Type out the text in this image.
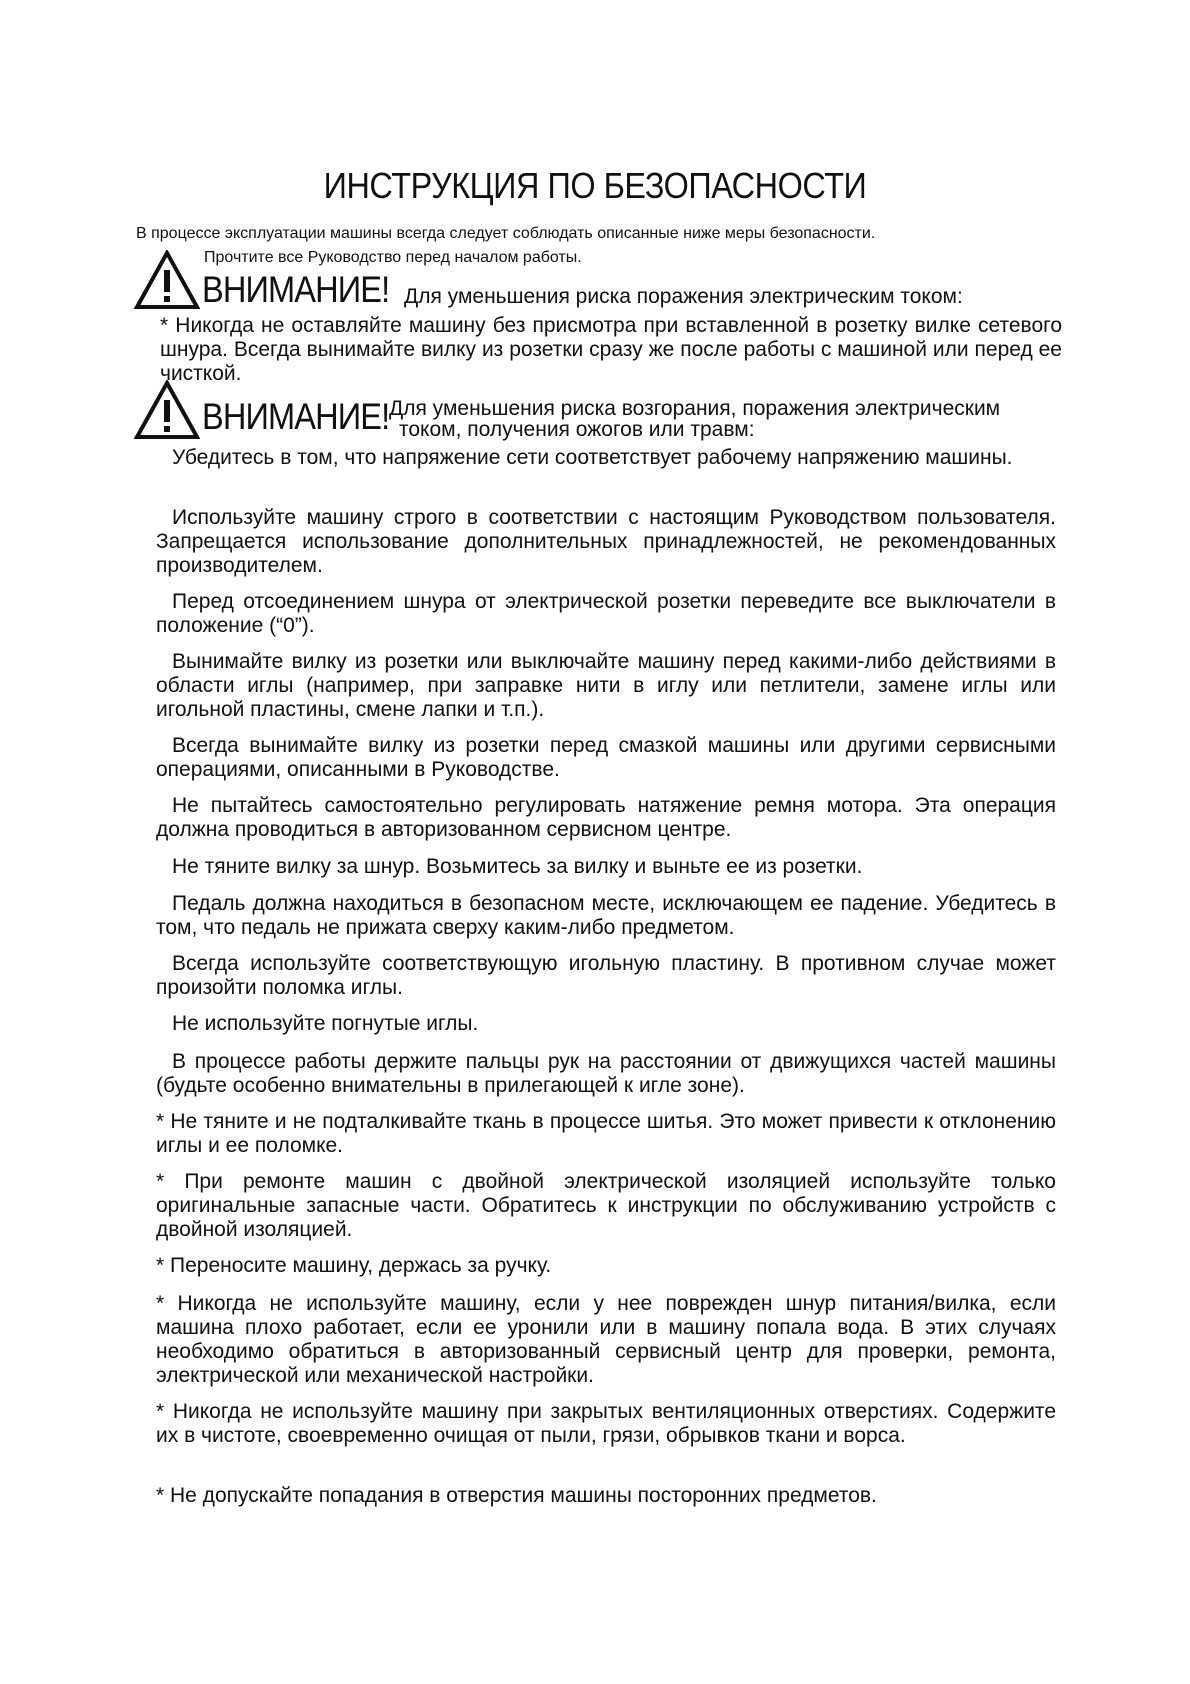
ИНСТРУКЦИЯ ПО БЕЗОПАСНОСТИ
В процессе эксплуатации машины всегда следует соблюдать описанные ниже меры безопасности.
Прочтите все Руководство перед началом работы.
ВНИМАНИЕ! Для уменьшения риска поражения электрическим током:

* Никогда не оставляйте машину без присмотра при вставленной в розетку вилке сетевого шнура. Всегда вынимайте вилку из розетки сразу же после работы с машиной или перед ее чисткой.

ВНИМАНИЕ! Для уменьшения риска возгорания, поражения электрическим
током, получения ожогов или травм:

Убедитесь в том, что напряжение сети соответствует рабочему напряжению машины.

Используйте машину строго в соответствии с настоящим Руководством пользователя. Запрещается использование дополнительных принадлежностей, не рекомендованных производителем.

Перед отсоединением шнура от электрической розетки переведите все выключатели в положение (“0”).

Вынимайте вилку из розетки или выключайте машину перед какими-либо действиями в области иглы (например, при заправке нити в иглу или петлители, замене иглы или игольной пластины, смене лапки и т.п.).

Всегда вынимайте вилку из розетки перед смазкой машины или другими сервисными операциями, описанными в Руководстве.

Не пытайтесь самостоятельно регулировать натяжение ремня мотора. Эта операция должна проводиться в авторизованном сервисном центре.

Не тяните вилку за шнур. Возьмитесь за вилку и выньте ее из розетки.

Педаль должна находиться в безопасном месте, исключающем ее падение. Убедитесь в том, что педаль не прижата сверху каким-либо предметом.

Всегда используйте соответствующую игольную пластину. В противном случае может произойти поломка иглы.

Не используйте погнутые иглы.

В процессе работы держите пальцы рук на расстоянии от движущихся частей машины (будьте особенно внимательны в прилегающей к игле зоне).

* Не тяните и не подталкивайте ткань в процессе шитья. Это может привести к отклонению иглы и ее поломке.

* При ремонте машин с двойной электрической изоляцией используйте только оригинальные запасные части. Обратитесь к инструкции по обслуживанию устройств с двойной изоляцией.

* Переносите машину, держась за ручку.

* Никогда не используйте машину, если у нее поврежден шнур питания/вилка, если машина плохо работает, если ее уронили или в машину попала вода. В этих случаях необходимо обратиться в авторизованный сервисный центр для проверки, ремонта, электрической или механической настройки.

* Никогда не используйте машину при закрытых вентиляционных отверстиях. Содержите их в чистоте, своевременно очищая от пыли, грязи, обрывков ткани и ворса.

* Не допускайте попадания в отверстия машины посторонних предметов.
